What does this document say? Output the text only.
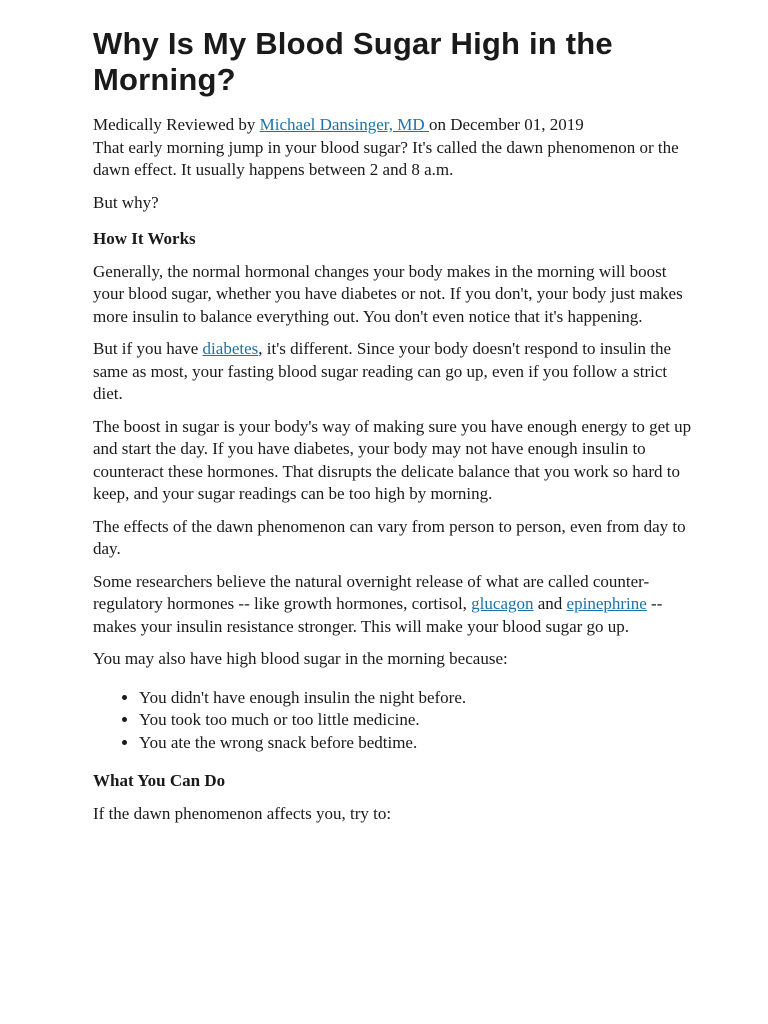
Why Is My Blood Sugar High in the Morning?

Medically Reviewed by Michael Dansinger, MD on December 01, 2019

That early morning jump in your blood sugar? It's called the dawn phenomenon or the dawn effect. It usually happens between 2 and 8 a.m.

But why?

How It Works

Generally, the normal hormonal changes your body makes in the morning will boost your blood sugar, whether you have diabetes or not. If you don't, your body just makes more insulin to balance everything out. You don't even notice that it's happening.

But if you have diabetes, it's different. Since your body doesn't respond to insulin the same as most, your fasting blood sugar reading can go up, even if you follow a strict diet.

The boost in sugar is your body's way of making sure you have enough energy to get up and start the day. If you have diabetes, your body may not have enough insulin to counteract these hormones. That disrupts the delicate balance that you work so hard to keep, and your sugar readings can be too high by morning.

The effects of the dawn phenomenon can vary from person to person, even from day to day.

Some researchers believe the natural overnight release of what are called counter-regulatory hormones -- like growth hormones, cortisol, glucagon and epinephrine -- makes your insulin resistance stronger. This will make your blood sugar go up.

You may also have high blood sugar in the morning because:

• You didn't have enough insulin the night before.
• You took too much or too little medicine.
• You ate the wrong snack before bedtime.
What You Can Do

If the dawn phenomenon affects you, try to:
